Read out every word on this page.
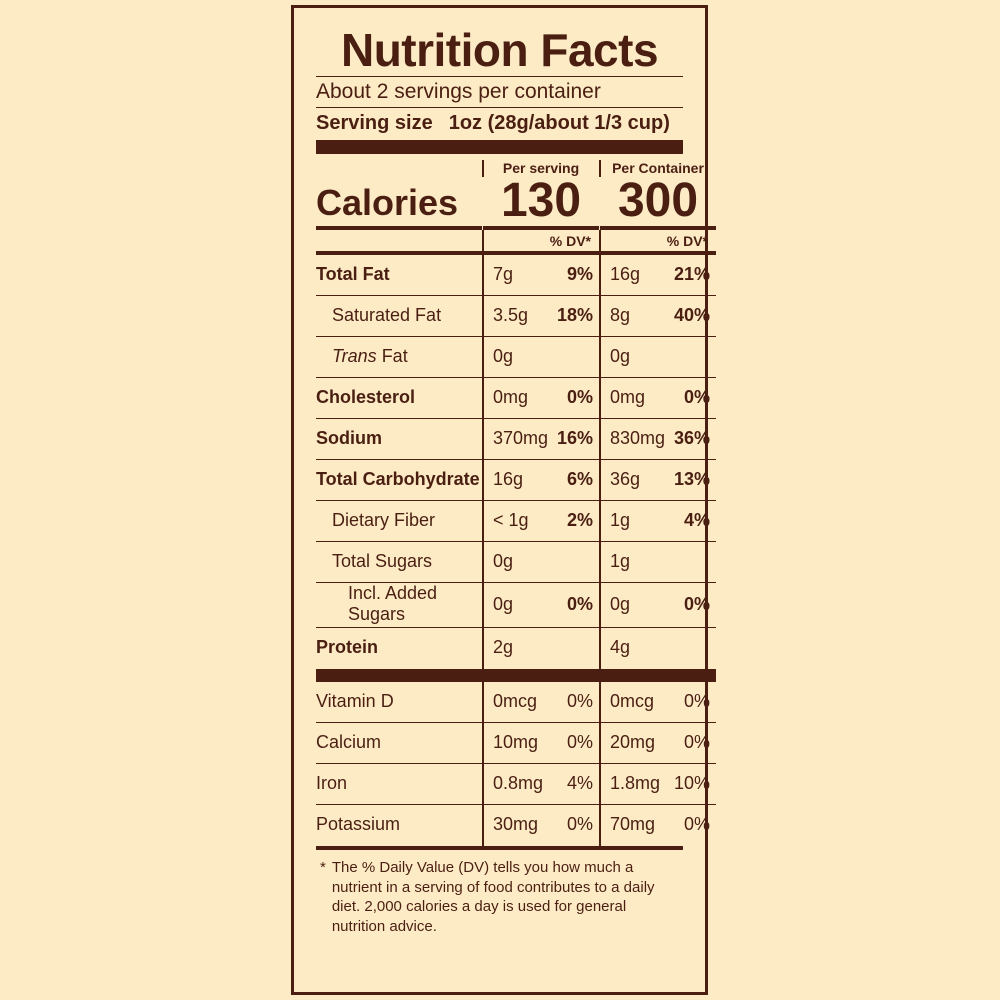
Nutrition Facts
About 2 servings per container
Serving size 1oz (28g/about 1/3 cup)
Per serving	Per Container
Calories 130 300
% DV*	% DV*
Total Fat	7g	9% 16g 21%
Saturated Fat	3.5g 18% 8g 40%
Trans Fat	0g	0g
Cholesterol	0mg 0% 0mg 0%
Sodium	370mg 16% 830mg 36%
Total Carbohydrate 16g 6% 36g 13%
Dietary Fiber	< 1g 2% 1g	4%
Total Sugars	0g	1g
Incl. Added Sugars
0g	0% 0g	0%
Protein	2g	4g
Vitamin D	0mcg 0% 0mcg 0%
Calcium	10mg 0% 20mg 0%
Iron	0.8mg 4% 1.8mg 10%
Potassium	30mg 0% 70mg 0%
* The % Daily Value (DV) tells you how much a nutrient in a serving of food contributes to a daily diet. 2,000 calories a day is used for general nutrition advice.
